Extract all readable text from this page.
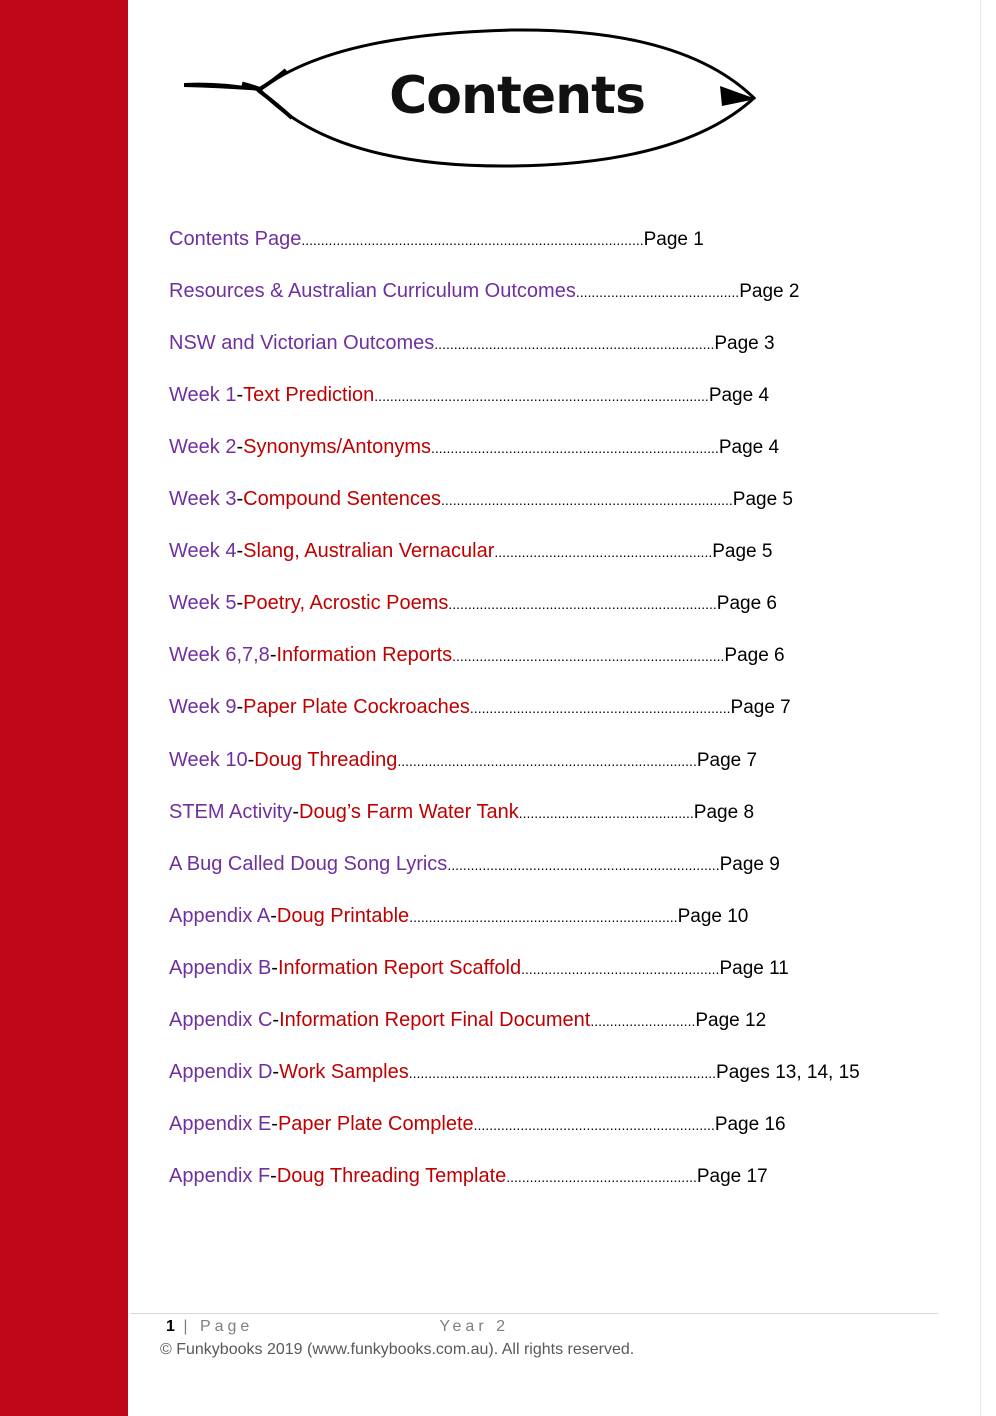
Contents
Contents Page ........................................................................................ Page 1
Resources & Australian Curriculum Outcomes .......................................... Page 2
NSW and Victorian Outcomes ........................................................................ Page 3
Week 1 - Text Prediction ...................................................................................... Page 4
Week 2 - Synonyms/Antonyms .......................................................................... Page 4
Week 3 - Compound Sentences ........................................................................... Page 5
Week 4 - Slang, Australian Vernacular ........................................................ Page 5
Week 5 - Poetry, Acrostic Poems ..................................................................... Page 6
Week 6,7,8 - Information Reports ...................................................................... Page 6
Week 9 - Paper Plate Cockroaches ................................................................... Page 7
Week 10 - Doug Threading ............................................................................. Page 7
STEM Activity - Doug’s Farm Water Tank ............................................. Page 8
A Bug Called Doug Song Lyrics ...................................................................... Page 9
Appendix A - Doug Printable ..................................................................... Page 10
Appendix B - Information Report Scaffold ................................................... Page 11
Appendix C - Information Report Final Document ........................... Page 12
Appendix D - Work Samples ............................................................................... Pages 13, 14, 15
Appendix E - Paper Plate Complete .............................................................. Page 16
Appendix F - Doug Threading Template ................................................. Page 17
1 | Page	Year 2
© Funkybooks 2019 (www.funkybooks.com.au). All rights reserved.
